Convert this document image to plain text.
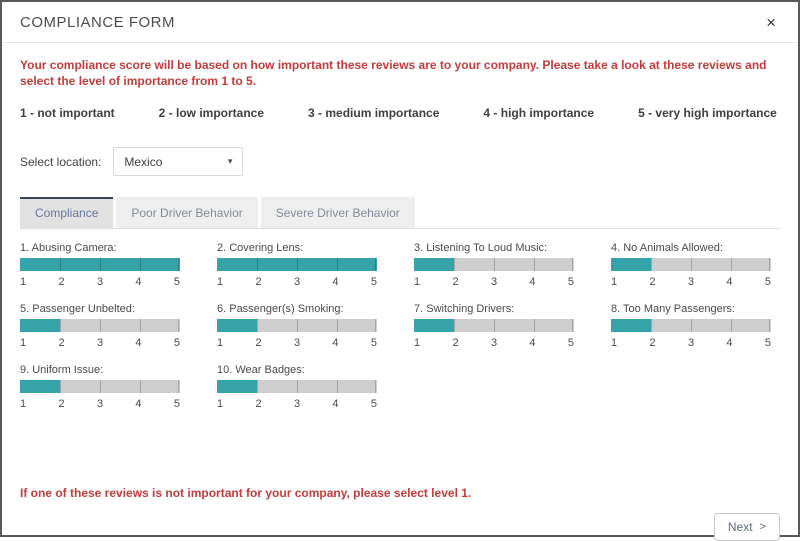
COMPLIANCE FORM	×
Your compliance score will be based on how important these reviews are to your company. Please take a look at these reviews and select the level of importance from 1 to 5.
1 - not important	2 - low importance	3 - medium importance	4 - high importance	5 - very high importance
Select location: Mexico	▾
Compliance	Poor Driver Behavior	Severe Driver Behavior
1. Abusing Camera:
1	2	3	4	5
2. Covering Lens:
1	2	3	4	5
3. Listening To Loud Music:
1	2	3	4	5
4. No Animals Allowed:
1	2	3	4	5
5. Passenger Unbelted:
1	2	3	4	5
6. Passenger(s) Smoking:
1	2	3	4	5
7. Switching Drivers:
1	2	3	4	5
8. Too Many Passengers:
1	2	3	4	5
9. Uniform Issue:
1	2	3	4	5
10. Wear Badges:
1	2	3	4	5
If one of these reviews is not important for your company, please select level 1.
Next >
